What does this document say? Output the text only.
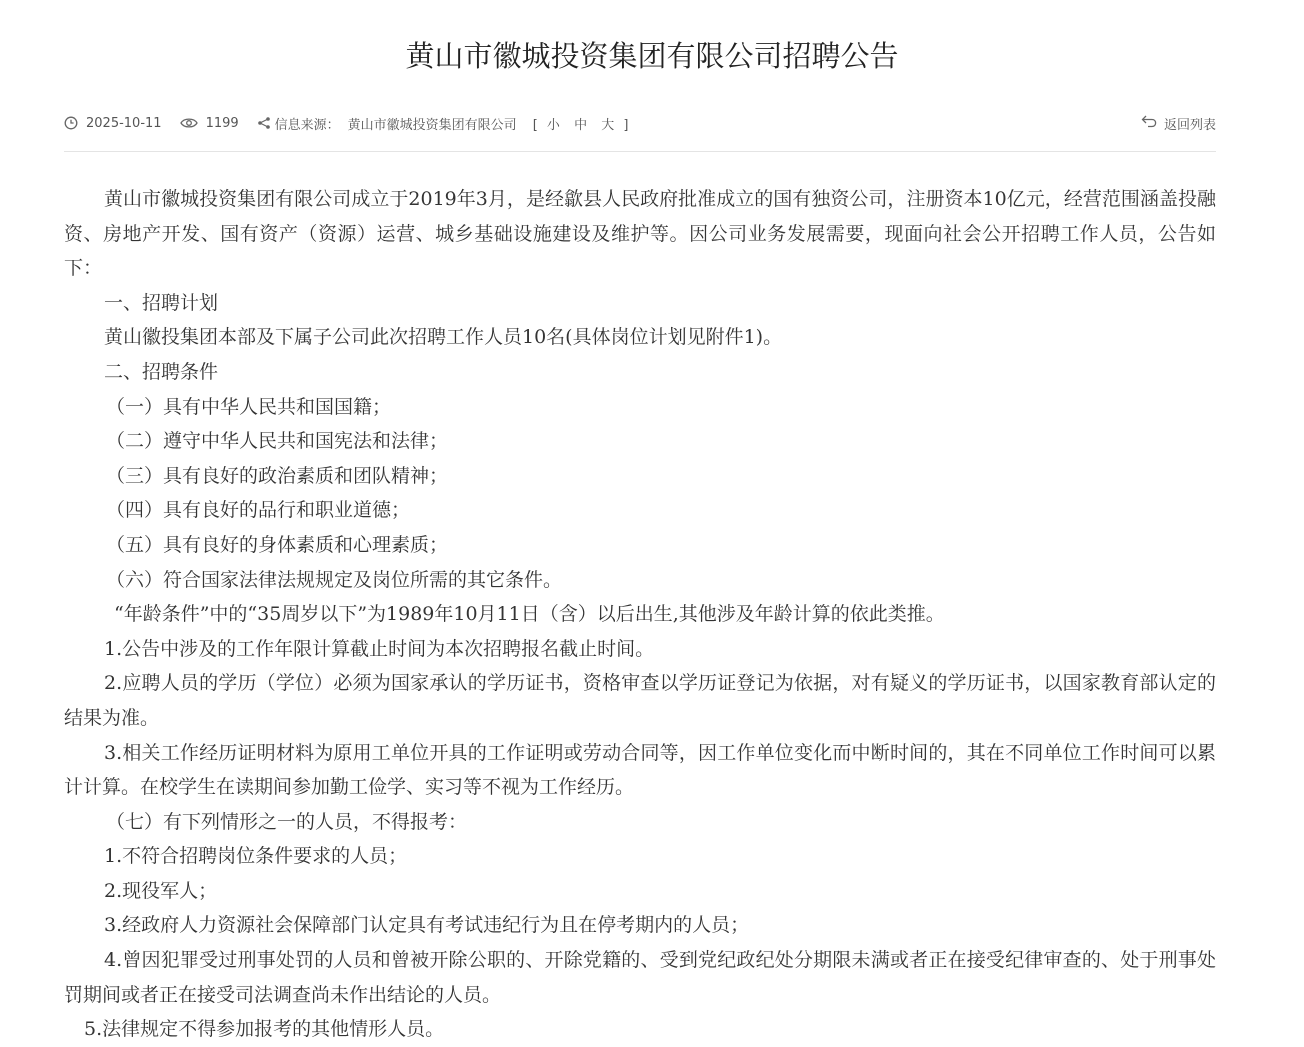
黄山市徽城投资集团有限公司招聘公告
2025-10-11	1199	信息来源： 黄山市徽城投资集团有限公司 [ 小 中 大 ]	返回列表

黄山市徽城投资集团有限公司成立于2019年3月，是经歙县人民政府批准成立的国有独资公司，注册资本10亿元，经营范围涵盖投融资、房地产开发、国有资产（资源）运营、城乡基础设施建设及维护等。因公司业务发展需要，现面向社会公开招聘工作人员，公告如下：

一、招聘计划

黄山徽投集团本部及下属子公司此次招聘工作人员10名(具体岗位计划见附件1)。

二、招聘条件

（一）具有中华人民共和国国籍；

（二）遵守中华人民共和国宪法和法律；

（三）具有良好的政治素质和团队精神；

（四）具有良好的品行和职业道德；

（五）具有良好的身体素质和心理素质；

（六）符合国家法律法规规定及岗位所需的其它条件。

“年龄条件”中的“35周岁以下”为1989年10月11日（含）以后出生,其他涉及年龄计算的依此类推。

1.公告中涉及的工作年限计算截止时间为本次招聘报名截止时间。

2.应聘人员的学历（学位）必须为国家承认的学历证书，资格审查以学历证登记为依据，对有疑义的学历证书，以国家教育部认定的结果为准。

3.相关工作经历证明材料为原用工单位开具的工作证明或劳动合同等，因工作单位变化而中断时间的，其在不同单位工作时间可以累计计算。在校学生在读期间参加勤工俭学、实习等不视为工作经历。

（七）有下列情形之一的人员，不得报考：

1.不符合招聘岗位条件要求的人员；

2.现役军人；

3.经政府人力资源社会保障部门认定具有考试违纪行为且在停考期内的人员；

4.曾因犯罪受过刑事处罚的人员和曾被开除公职的、开除党籍的、受到党纪政纪处分期限未满或者正在接受纪律审查的、处于刑事处罚期间或者正在接受司法调查尚未作出结论的人员。

5.法律规定不得参加报考的其他情形人员。
